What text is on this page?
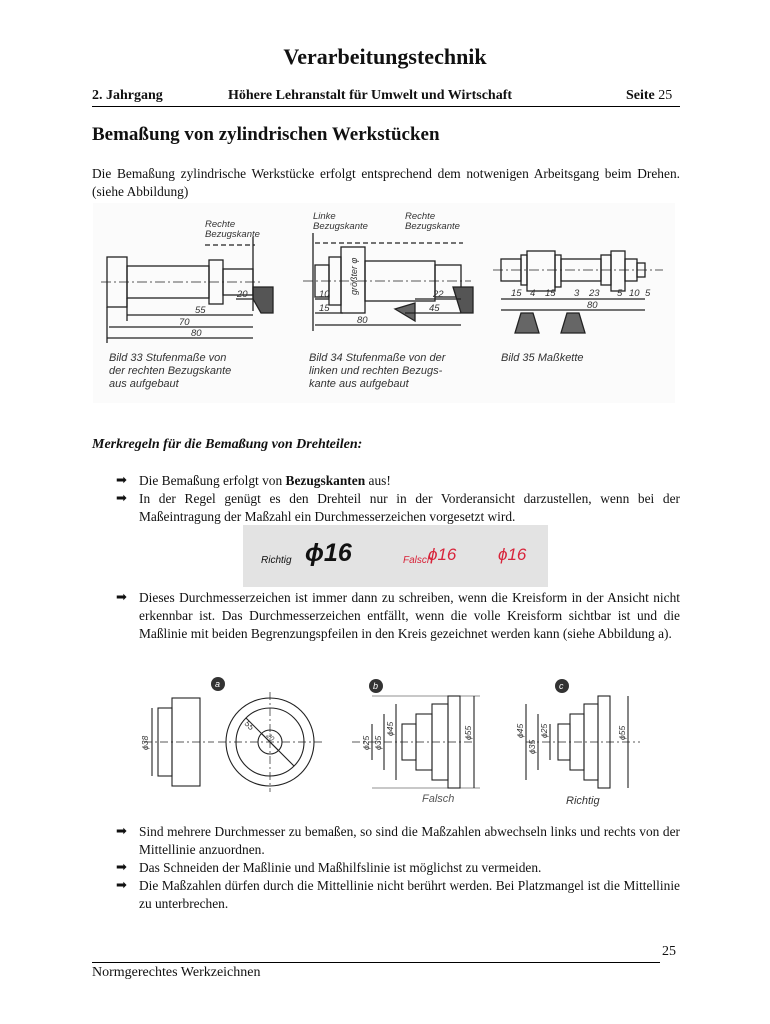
Verarbeitungstechnik
2. Jahrgang	Höhere Lehranstalt für Umwelt und Wirtschaft	Seite 25
Bemaßung von zylindrischen Werkstücken
Die Bemaßung zylindrische Werkstücke erfolgt entsprechend dem notwenigen Arbeitsgang beim Drehen. (siehe Abbildung)
Rechte
Bezugskante
Linke
Bezugskante
Rechte
Bezugskante
größter φ
20
55
70
80
10
15
22
45
80
15 4 15 3 23 5 10 5
80
Bild 33 Stufenmaße von
der rechten Bezugskante
aus aufgebaut
Bild 34 Stufenmaße von der
linken und rechten Bezugs-
kante aus aufgebaut
Bild 35 Maßkette
Merkregeln für die Bemaßung von Drehteilen:
➡ Die Bemaßung erfolgt von Bezugskanten aus!
➡ In der Regel genügt es den Drehteil nur in der Vorderansicht darzustellen, wenn bei der Maßeintragung der Maßzahl ein Durchmesserzeichen vorgesetzt wird.
Richtig ϕ16	Falsch
ϕ16 ϕ16
➡ Dieses Durchmesserzeichen ist immer dann zu schreiben, wenn die Kreisform in der Ansicht nicht erkennbar ist. Das Durchmesserzeichen entfällt, wenn die volle Kreisform sichtbar ist und die Maßlinie mit beiden Begrenzungspfeilen in den Kreis gezeichnet werden kann (siehe Abbildung a).
a	b	c
ϕ38
55
20	ϕ25 ϕ35
ϕ45	ϕ55	ϕ45
ϕ35
ϕ25	ϕ55
Falsch	Richtig
➡ Sind mehrere Durchmesser zu bemaßen, so sind die Maßzahlen abwechseln links und rechts von der Mittellinie anzuordnen.
➡ Das Schneiden der Maßlinie und Maßhilfslinie ist möglichst zu vermeiden.
➡ Die Maßzahlen dürfen durch die Mittellinie nicht berührt werden. Bei Platzmangel ist die Mittellinie zu unterbrechen.
25
Normgerechtes Werkzeichnen
